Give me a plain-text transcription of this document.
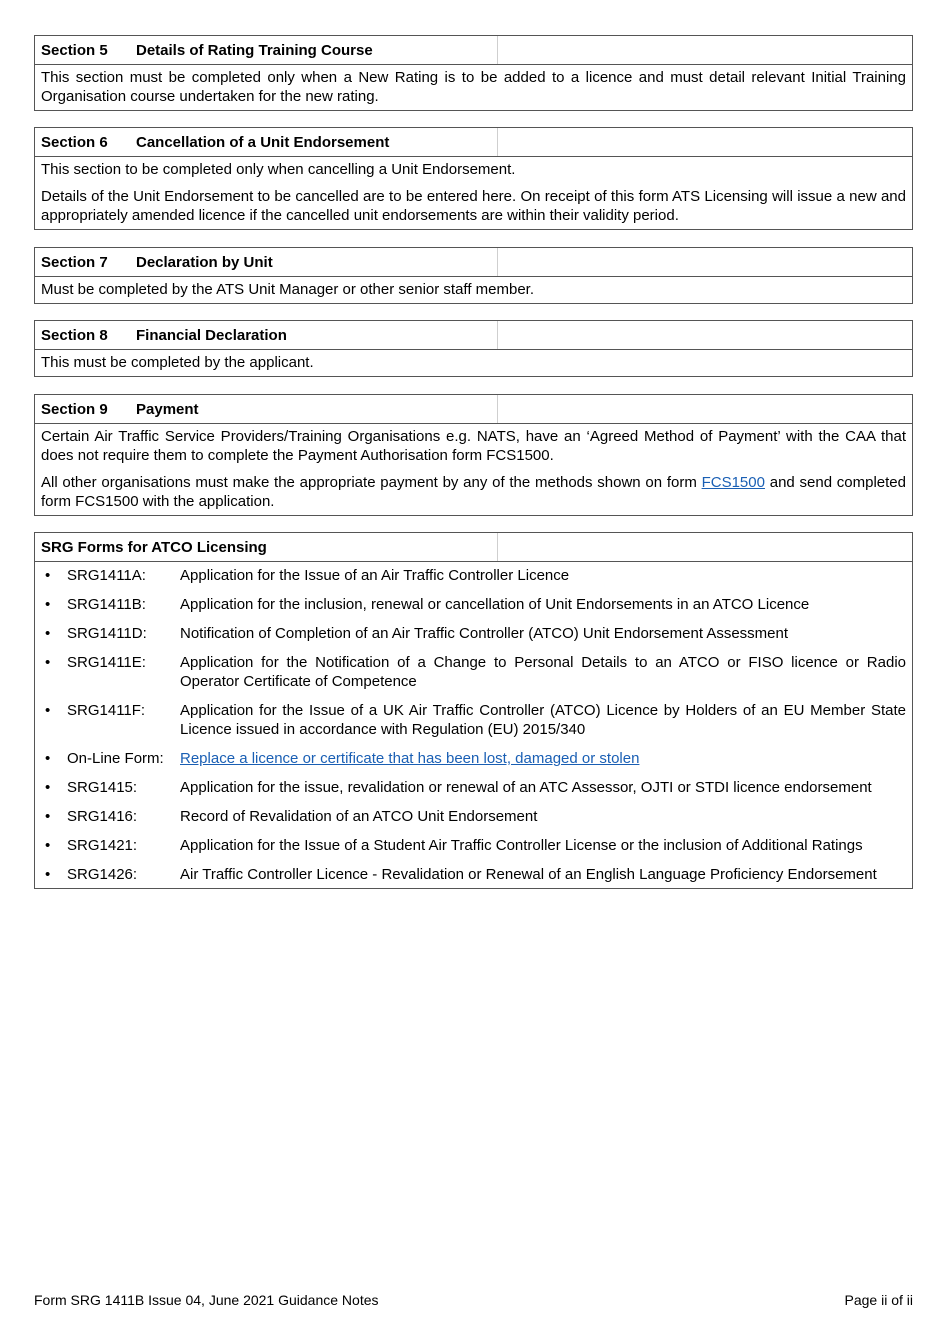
Section 5 Details of Rating Training Course

This section must be completed only when a New Rating is to be added to a licence and must detail relevant Initial Training Organisation course undertaken for the new rating.

Section 6 Cancellation of a Unit Endorsement

This section to be completed only when cancelling a Unit Endorsement.

Details of the Unit Endorsement to be cancelled are to be entered here. On receipt of this form ATS Licensing will issue a new and appropriately amended licence if the cancelled unit endorsements are within their validity period.

Section 7 Declaration by Unit

Must be completed by the ATS Unit Manager or other senior staff member.

Section 8 Financial Declaration

This must be completed by the applicant.

Section 9 Payment

Certain Air Traffic Service Providers/Training Organisations e.g. NATS, have an ‘Agreed Method of Payment’ with the CAA that does not require them to complete the Payment Authorisation form FCS1500.

All other organisations must make the appropriate payment by any of the methods shown on form FCS1500 and send completed form FCS1500 with the application.

SRG Forms for ATCO Licensing
•	SRG1411A:	Application for the Issue of an Air Traffic Controller Licence
•	SRG1411B:	Application for the inclusion, renewal or cancellation of Unit Endorsements in an ATCO Licence
•	SRG1411D:	Notification of Completion of an Air Traffic Controller (ATCO) Unit Endorsement Assessment
•	SRG1411E:	Application for the Notification of a Change to Personal Details to an ATCO or FISO licence or Radio Operator Certificate of Competence
•	SRG1411F:	Application for the Issue of a UK Air Traffic Controller (ATCO) Licence by Holders of an EU Member State Licence issued in accordance with Regulation (EU) 2015/340
•	On-Line Form:	Replace a licence or certificate that has been lost, damaged or stolen
•	SRG1415:	Application for the issue, revalidation or renewal of an ATC Assessor, OJTI or STDI licence endorsement
•	SRG1416:	Record of Revalidation of an ATCO Unit Endorsement
•	SRG1421:	Application for the Issue of a Student Air Traffic Controller License or the inclusion of Additional Ratings
•	SRG1426:	Air Traffic Controller Licence - Revalidation or Renewal of an English Language Proficiency Endorsement
Form SRG 1411B Issue 04, June 2021 Guidance Notes	Page ii of ii
